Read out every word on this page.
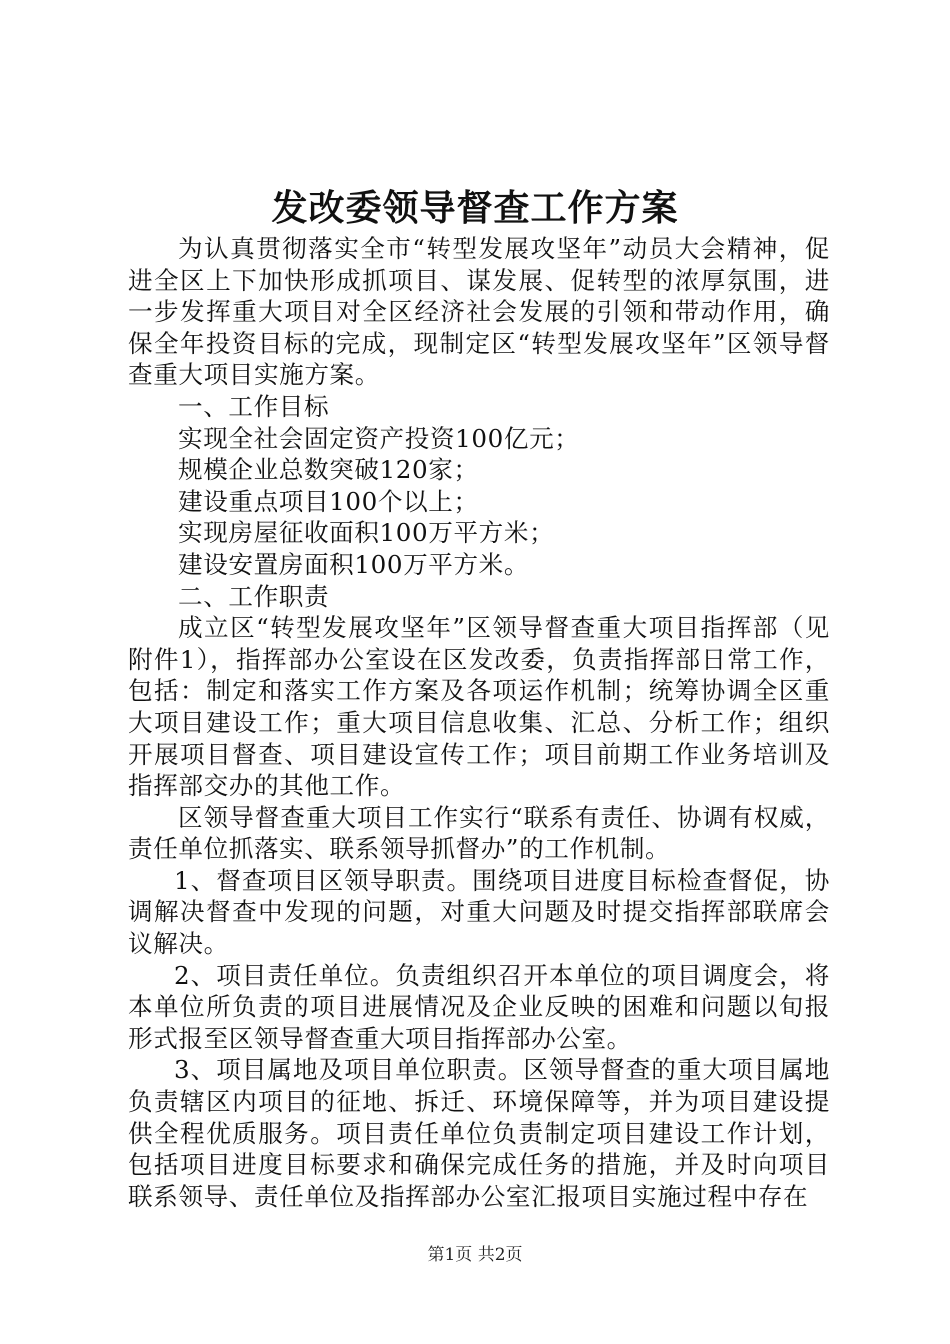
发改委领导督查工作方案

为认真贯彻落实全市“转型发展攻坚年”动员大会精神，促进全区上下加快形成抓项目、谋发展、促转型的浓厚氛围，进一步发挥重大项目对全区经济社会发展的引领和带动作用，确保全年投资目标的完成，现制定区“转型发展攻坚年”区领导督查重大项目实施方案。

一、工作目标

实现全社会固定资产投资100亿元；

规模企业总数突破120家；

建设重点项目100个以上；

实现房屋征收面积100万平方米；

建设安置房面积100万平方米。

二、工作职责

成立区“转型发展攻坚年”区领导督查重大项目指挥部（见附件1），指挥部办公室设在区发改委，负责指挥部日常工作，包括：制定和落实工作方案及各项运作机制；统筹协调全区重大项目建设工作；重大项目信息收集、汇总、分析工作；组织开展项目督查、项目建设宣传工作；项目前期工作业务培训及指挥部交办的其他工作。

区领导督查重大项目工作实行“联系有责任、协调有权威，责任单位抓落实、联系领导抓督办”的工作机制。

1、督查项目区领导职责。围绕项目进度目标检查督促，协调解决督查中发现的问题，对重大问题及时提交指挥部联席会议解决。

2、项目责任单位。负责组织召开本单位的项目调度会，将本单位所负责的项目进展情况及企业反映的困难和问题以旬报形式报至区领导督查重大项目指挥部办公室。

3、项目属地及项目单位职责。区领导督查的重大项目属地负责辖区内项目的征地、拆迁、环境保障等，并为项目建设提供全程优质服务。项目责任单位负责制定项目建设工作计划，包括项目进度目标要求和确保完成任务的措施，并及时向项目联系领导、责任单位及指挥部办公室汇报项目实施过程中存在

第1页 共2页
